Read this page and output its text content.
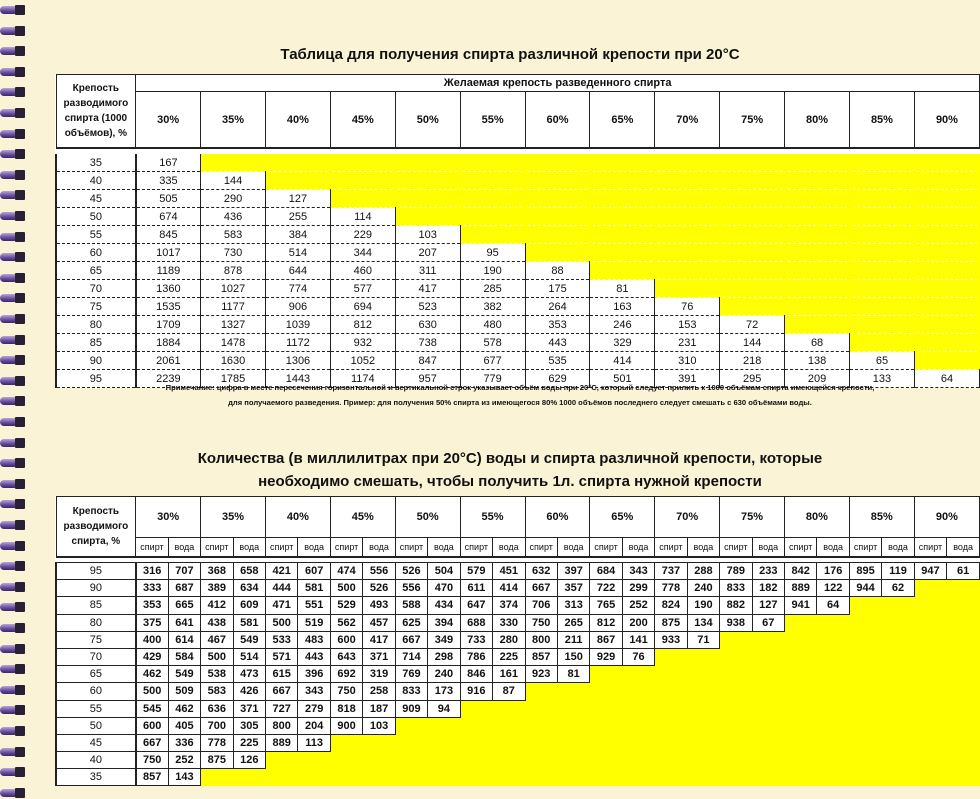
Таблица для получения спирта различной крепости при 20°С
Крепость разводимого спирта (1000 объёмов), %	Желаемая крепость разведенного спирта												
	30%	35%	40%	45%	50%	55%	60%	65%	70%	75%	80%	85%	90%

35	167												
40	335	144											
45	505	290	127										
50	674	436	255	114									
55	845	583	384	229	103								
60	1017	730	514	344	207	95							
65	1189	878	644	460	311	190	88						
70	1360	1027	774	577	417	285	175	81					
75	1535	1177	906	694	523	382	264	163	76				
80	1709	1327	1039	812	630	480	353	246	153	72			
85	1884	1478	1172	932	738	578	443	329	231	144	68		
90	2061	1630	1306	1052	847	677	535	414	310	218	138	65	
95	2239	1785	1443	1174	957	779	629	501	391	295	209	133	64
Примечание: цифра в месте пересечения горизонтальной и вертикальной строк указывает объём воды при 20°С, который следует прилить к 1000 объёмам спирта имеющейся крепости,
для получаемого разведения. Пример: для получения 50% спирта из имеющегося 80% 1000 объёмов последнего следует смешать с 630 объёмами воды.
Количества (в миллилитрах при 20°С) воды и спирта различной крепости, которые
необходимо смешать, чтобы получить 1л. спирта нужной крепости
Крепость разводимого спирта, %	30%		35%		40%		45%		50%		55%		60%		65%		70%		75%		80%		85%		90%	
	спирт	вода	спирт	вода	спирт	вода	спирт	вода	спирт	вода	спирт	вода	спирт	вода	спирт	вода	спирт	вода	спирт	вода	спирт	вода	спирт	вода	спирт	вода

95	316	707	368	658	421	607	474	556	526	504	579	451	632	397	684	343	737	288	789	233	842	176	895	119	947	61
90	333	687	389	634	444	581	500	526	556	470	611	414	667	357	722	299	778	240	833	182	889	122	944	62		
85	353	665	412	609	471	551	529	493	588	434	647	374	706	313	765	252	824	190	882	127	941	64				
80	375	641	438	581	500	519	562	457	625	394	688	330	750	265	812	200	875	134	938	67						
75	400	614	467	549	533	483	600	417	667	349	733	280	800	211	867	141	933	71								
70	429	584	500	514	571	443	643	371	714	298	786	225	857	150	929	76										
65	462	549	538	473	615	396	692	319	769	240	846	161	923	81												
60	500	509	583	426	667	343	750	258	833	173	916	87														
55	545	462	636	371	727	279	818	187	909	94																
50	600	405	700	305	800	204	900	103																		
45	667	336	778	225	889	113																				
40	750	252	875	126																						
35	857	143																								
